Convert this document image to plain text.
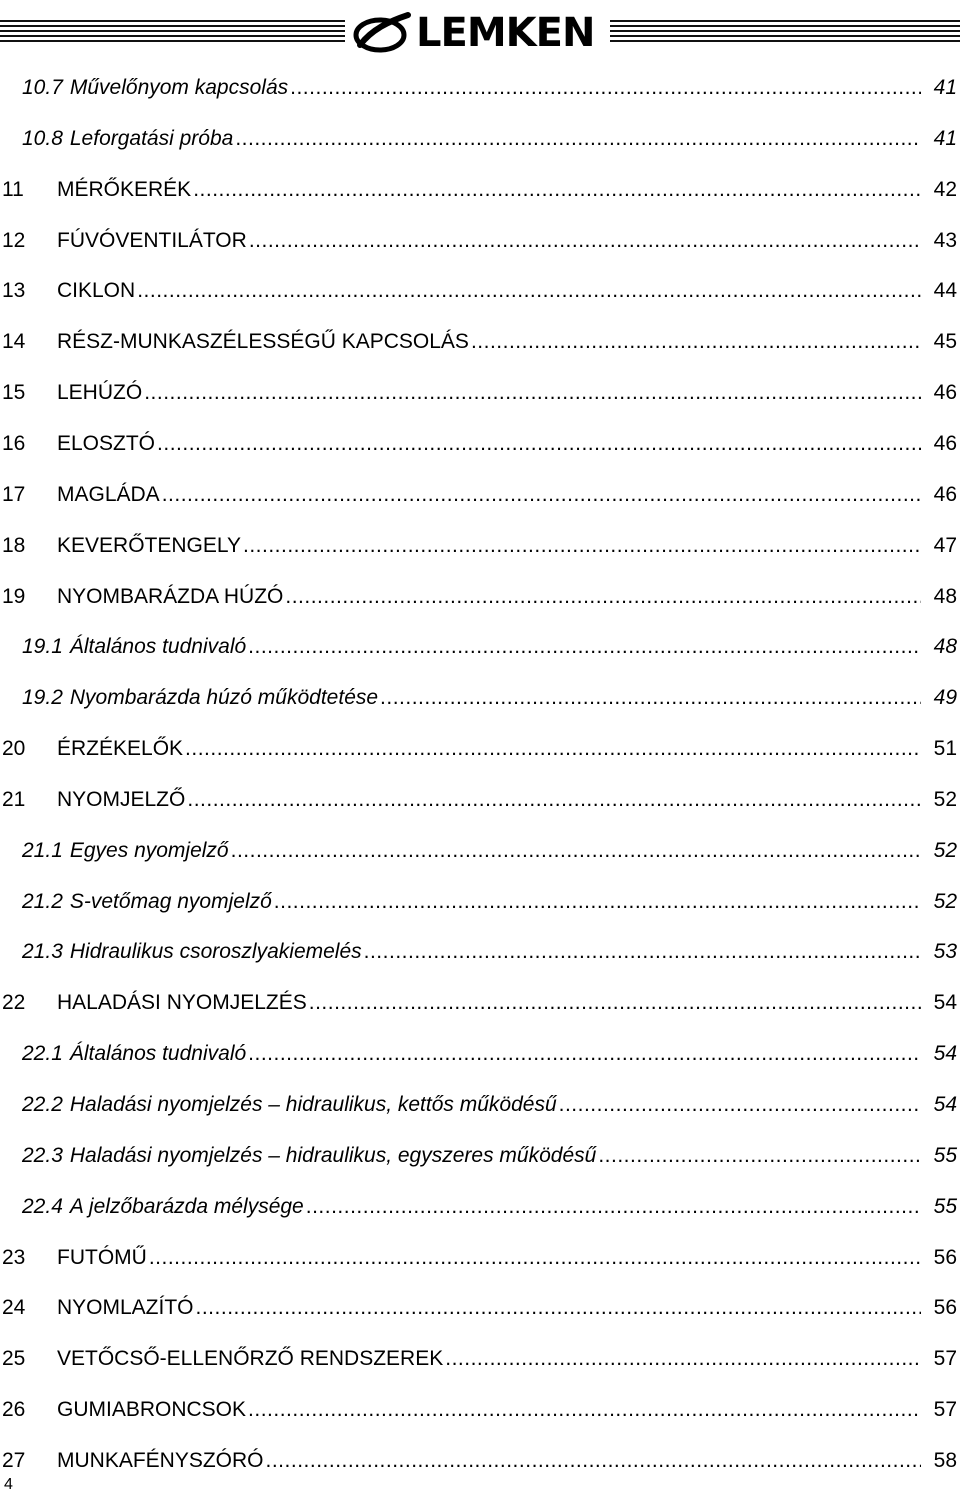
LEMKEN
10.7 Művelőnyom kapcsolás .....	41
10.8 Leforgatási próba .....	41
11	MÉRŐKERÉK .....	42
12	FÚVÓVENTILÁTOR .....	43
13	CIKLON .....	44
14	RÉSZ-MUNKASZÉLESSÉGŰ KAPCSOLÁS .....	45
15	LEHÚZÓ .....	46
16	ELOSZTÓ .....	46
17	MAGLÁDA .....	46
18	KEVERŐTENGELY .....	47
19	NYOMBARÁZDA HÚZÓ .....	48
19.1 Általános tudnivaló .....	48
19.2 Nyombarázda húzó működtetése .....	49
20	ÉRZÉKELŐK .....	51
21	NYOMJELZŐ .....	52
21.1 Egyes nyomjelző .....	52
21.2 S-vetőmag nyomjelző .....	52
21.3 Hidraulikus csoroszlyakiemelés .....	53
22	HALADÁSI NYOMJELZÉS .....	54
22.1 Általános tudnivaló .....	54
22.2 Haladási nyomjelzés – hidraulikus, kettős működésű .....	54
22.3 Haladási nyomjelzés – hidraulikus, egyszeres működésű .....	55
22.4 A jelzőbarázda mélysége .....	55
23	FUTÓMŰ .....	56
24	NYOMLAZÍTÓ .....	56
25	VETŐCSŐ-ELLENŐRZŐ RENDSZEREK .....	57
26	GUMIABRONCSOK .....	57
27	MUNKAFÉNYSZÓRÓ .....	58
4
